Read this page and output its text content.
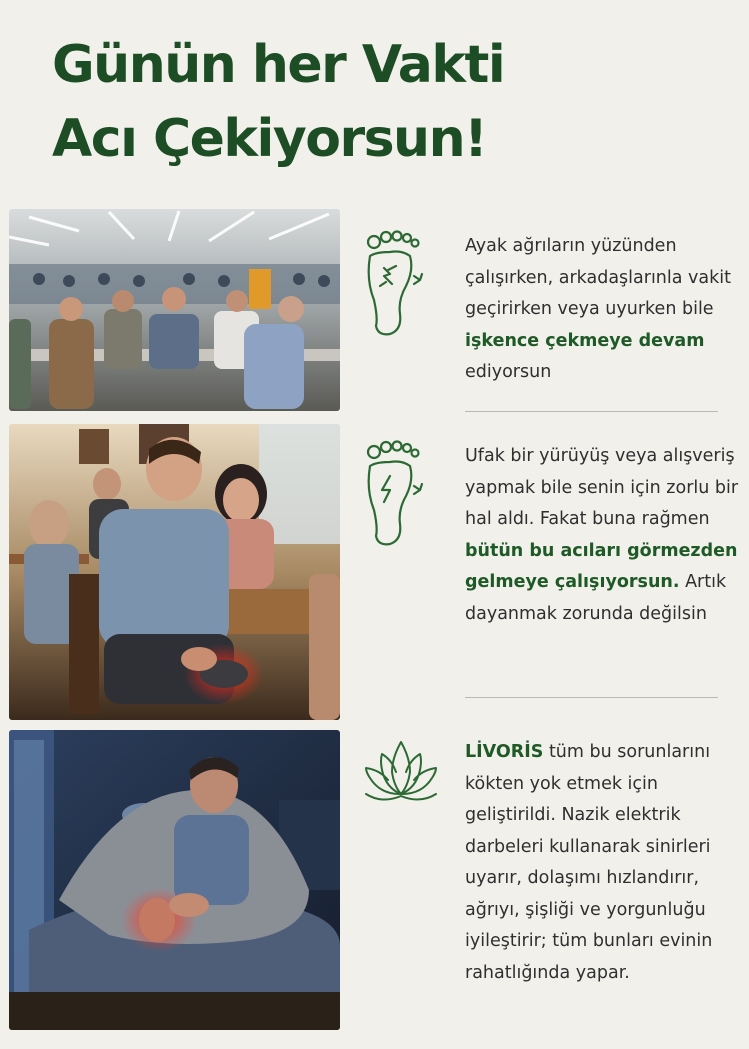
Günün her Vakti
Acı Çekiyorsun!
Ayak ağrıların yüzünden çalışırken, arkadaşlarınla vakit geçirirken veya uyurken bile işkence çekmeye devam ediyorsun
Ufak bir yürüyüş veya alışveriş yapmak bile senin için zorlu bir hal aldı. Fakat buna rağmen bütün bu acıları görmezden gelmeye çalışıyorsun. Artık dayanmak zorunda değilsin
LİVORİS tüm bu sorunlarını kökten yok etmek için geliştirildi. Nazik elektrik darbeleri kullanarak sinirleri uyarır, dolaşımı hızlandırır, ağrıyı, şişliği ve yorgunluğu iyileştirir; tüm bunları evinin rahatlığında yapar.
